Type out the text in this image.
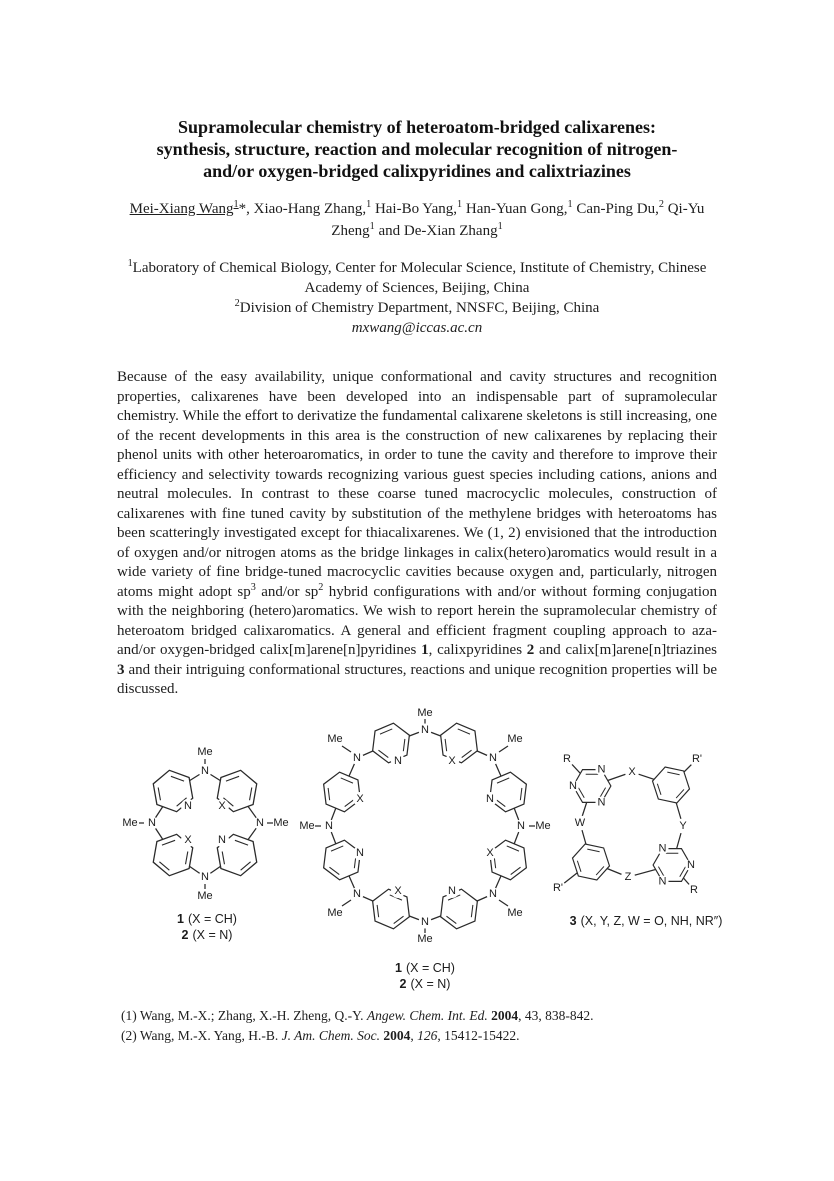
Supramolecular chemistry of heteroatom-bridged calixarenes:
synthesis, structure, reaction and molecular recognition of nitrogen-
and/or oxygen-bridged calixpyridines and calixtriazines
Mei-Xiang Wang$^1$*, Xiao-Hang Zhang,$^1$ Hai-Bo Yang,$^1$ Han-Yuan Gong,$^1$ Can-Ping Du,$^2$ Qi-Yu Zheng$^1$ and De-Xian Zhang$^1$
$^1$Laboratory of Chemical Biology, Center for Molecular Science, Institute of Chemistry, Chinese Academy of Sciences, Beijing, China
$^2$Division of Chemistry Department, NNSFC, Beijing, China
mxwang@iccas.ac.cn
Because of the easy availability, unique conformational and cavity structures and recognition properties, calixarenes have been developed into an indispensable part of supramolecular chemistry. While the effort to derivatize the fundamental calixarene skeletons is still increasing, one of the recent developments in this area is the construction of new calixarenes by replacing their phenol units with other heteroaromatics, in order to tune the cavity and therefore to improve their efficiency and selectivity towards recognizing various guest species including cations, anions and neutral molecules. In contrast to these coarse tuned macrocyclic molecules, construction of calixarenes with fine tuned cavity by substitution of the methylene bridges with heteroatoms has been scatteringly investigated except for thiacalixarenes. We (1, 2) envisioned that the introduction of oxygen and/or nitrogen atoms as the bridge linkages in calix(hetero)aromatics would result in a wide variety of fine bridge-tuned macrocyclic cavities because oxygen and, particularly, nitrogen atoms might adopt $sp^3$ and/or $sp^2$ hybrid configurations with and/or without forming conjugation with the neighboring (hetero)aromatics. We wish to report herein the supramolecular chemistry of heteroatom bridged calixaromatics. A general and efficient fragment coupling approach to aza- and/or oxygen-bridged calix[m]arene[n]pyridines 1, calixpyridines 2 and calix[m]arene[n]triazines 3 and their intriguing conformational structures, reactions and unique recognition properties will be discussed.
N
N	N
N
N X
X N
Me
Me	Me
Me
1 (X = CH)
2 (X = N)
N
N
N
N
N
N
N
N	N	X
N
X
N
X
N
X
Me
Me
Me
Me
Me
Me
Me
Me
1 (X = CH)
2 (X = N)
N
N
N
N
N
N
X
W	Y
Z
R	R'
R'	R
3 (X, Y, Z, W = O, NH, NR″)
(1) Wang, M.-X.; Zhang, X.-H. Zheng, Q.-Y. Angew. Chem. Int. Ed. 2004, 43, 838-842.
(2) Wang, M.-X. Yang, H.-B. J. Am. Chem. Soc. 2004, 126, 15412-15422.
